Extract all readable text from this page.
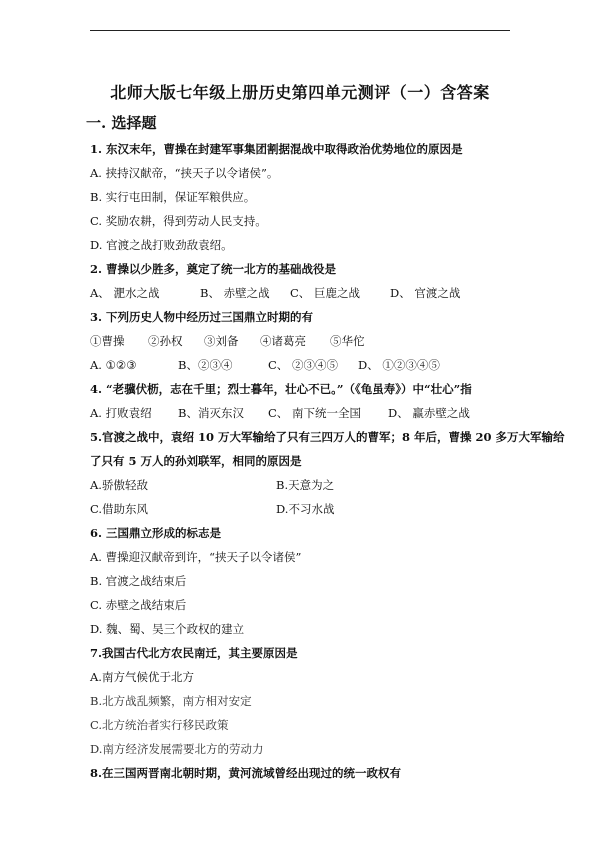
北师大版七年级上册历史第四单元测评（一）含答案
一. 选择题
1. 东汉末年，曹操在封建军事集团割据混战中取得政治优势地位的原因是
A. 挟持汉献帝，“挟天子以令诸侯”。
B. 实行屯田制，保证军粮供应。
C. 奖励农耕，得到劳动人民支持。
D. 官渡之战打败劲敌袁绍。
2. 曹操以少胜多，奠定了统一北方的基础战役是
A、 淝水之战	B、 赤壁之战 C、 巨鹿之战	D、 官渡之战
3. 下列历史人物中经历过三国鼎立时期的有
①曹操 ②孙权 ③刘备 ④诸葛亮 ⑤华佗
A. ①②③	B、②③④	C、 ②③④⑤ D、 ①②③④⑤
4. “老骥伏枥，志在千里；烈士暮年，壮心不已。”（《龟虽寿》）中“壮心”指
A. 打败袁绍 B、消灭东汉 C、 南下统一全国 D、 赢赤壁之战
5.官渡之战中，袁绍 10 万大军输给了只有三四万人的曹军；8 年后，曹操 20 多万大军输给
了只有 5 万人的孙刘联军，相同的原因是
A.骄傲轻敌	B.天意为之
C.借助东风	D.不习水战
6. 三国鼎立形成的标志是
A. 曹操迎汉献帝到许，“挟天子以令诸侯”
B. 官渡之战结束后
C. 赤壁之战结束后
D. 魏、蜀、吴三个政权的建立
7.我国古代北方农民南迁，其主要原因是
A.南方气候优于北方
B.北方战乱频繁，南方相对安定
C.北方统治者实行移民政策
D.南方经济发展需要北方的劳动力
8.在三国两晋南北朝时期，黄河流域曾经出现过的统一政权有
